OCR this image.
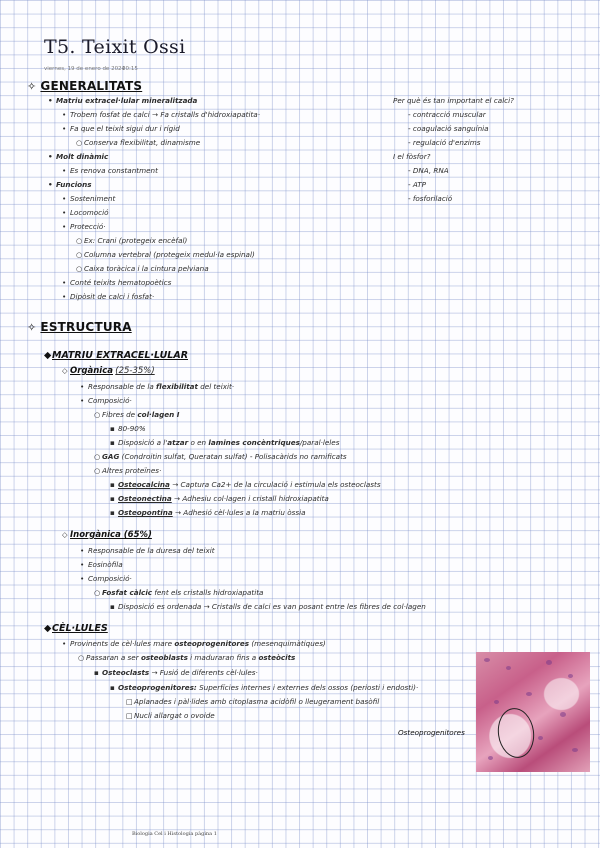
T5. Teixit Ossi
viernes, 19 de enero de 2024
20:15
✧ GENERALITATS
• Matriu extracel·lular mineralitzada
• Trobem fosfat de calci → Fa cristalls d'hidroxiapatita·
• Fa que el teixit sigui dur i rígid
○ Conserva flexibilitat, dinamisme
• Molt dinàmic
• Es renova constantment
• Funcions
• Sosteniment
• Locomoció
• Protecció·
○ Ex: Crani (protegeix encèfal)
○ Columna vertebral (protegeix medul·la espinal)
○ Caixa toràcica i la cintura pelviana
• Conté teixits hematopoètics
• Dipòsit de calci i fosfat·
Per què és tan important el calci?
- contracció muscular
- coagulació sanguínia
- regulació d'enzims
I el fòsfor?
- DNA, RNA
- ATP
- fosforilació
✧ ESTRUCTURA
◆MATRIU EXTRACEL·LULAR
◇ Orgànica (25-35%)
• Responsable de la flexibilitat del teixit·
• Composició·
○ Fibres de col·lagen I
▪ 80-90%
▪ Disposició a l'atzar o en lamines concèntriques/paral·leles
○ GAG (Condroitin sulfat, Queratan sulfat) - Polisacàrids no ramificats
○ Altres proteïnes·
▪ Osteocalcina → Captura Ca2+ de la circulació i estimula els osteoclasts
▪ Osteonectina → Adhesiu col·lagen i cristall hidroxiapatita
▪ Osteopontina → Adhesió cèl·lules a la matriu òssia
◇ Inorgànica (65%)
• Responsable de la duresa del teixit
• Eosinòfila
• Composició·
○ Fosfat càlcic fent els cristalls hidroxiapatita
▪ Disposició es ordenada → Cristalls de calci es van posant entre les fibres de col·lagen
◆CÈL·LULES
• Provinents de cèl·lules mare osteoprogenitores (mesenquimàtiques)
○ Passaran a ser osteoblasts i maduraran fins a osteòcits
▪ Osteoclasts → Fusió de diferents cèl·lules·
▪ Osteoprogenitores: Superfícies internes i externes dels ossos (periosti i endosti)·
□Aplanades i pàl·lides amb citoplasma acidòfil o lleugerament basòfil
□Nucli allargat o ovoide
Osteoprogenitores
Biologia Cel i Histologia pàgina 1
